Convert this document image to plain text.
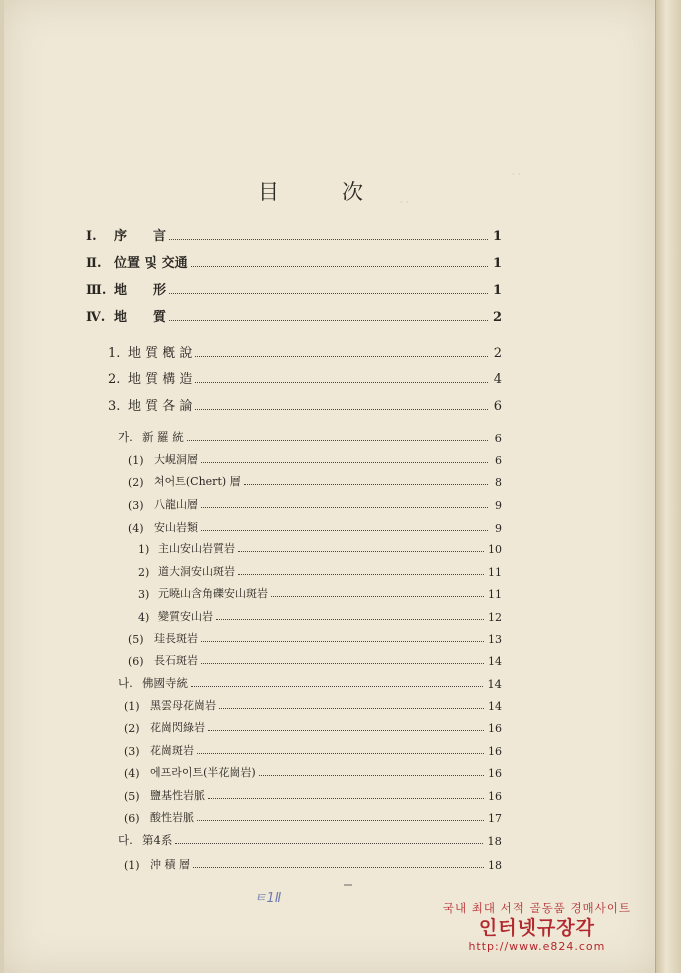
· ·
· ·
目	次
Ⅰ.	序　　言	1
Ⅱ. 位置 및 交通	1
Ⅲ. 地　　形	1
Ⅳ. 地　　質	2
1. 地 質 槪 說	2
2. 地 質 構 造	4
3. 地 質 各 論	6
가. 新 羅 統	6
(1) 大峴洞層	6
(2) 쳐어트(Chert) 層	8
(3) 八龍山層	9
(4) 安山岩類	9
1) 主山安山岩質岩	10
2) 道大洞安山斑岩	11
3) 元曉山含角礫安山斑岩	11
4) 變質安山岩	12
(5) 珪長斑岩	13
(6) 長石斑岩	14
나. 佛國寺統	14
(1) 黑雲母花崗岩	14
(2) 花崗閃綠岩	16
(3) 花崗斑岩	16
(4) 에프라이트(半花崗岩)	16
(5) 鹽基性岩脈	16
(6) 酸性岩脈	17
다. 第4系	18
(1) 沖 積 層	18
ㅌ1Ⅱ
국내 최대 서적 골동품 경매사이트
인터넷규장각
http://www.e824.com
